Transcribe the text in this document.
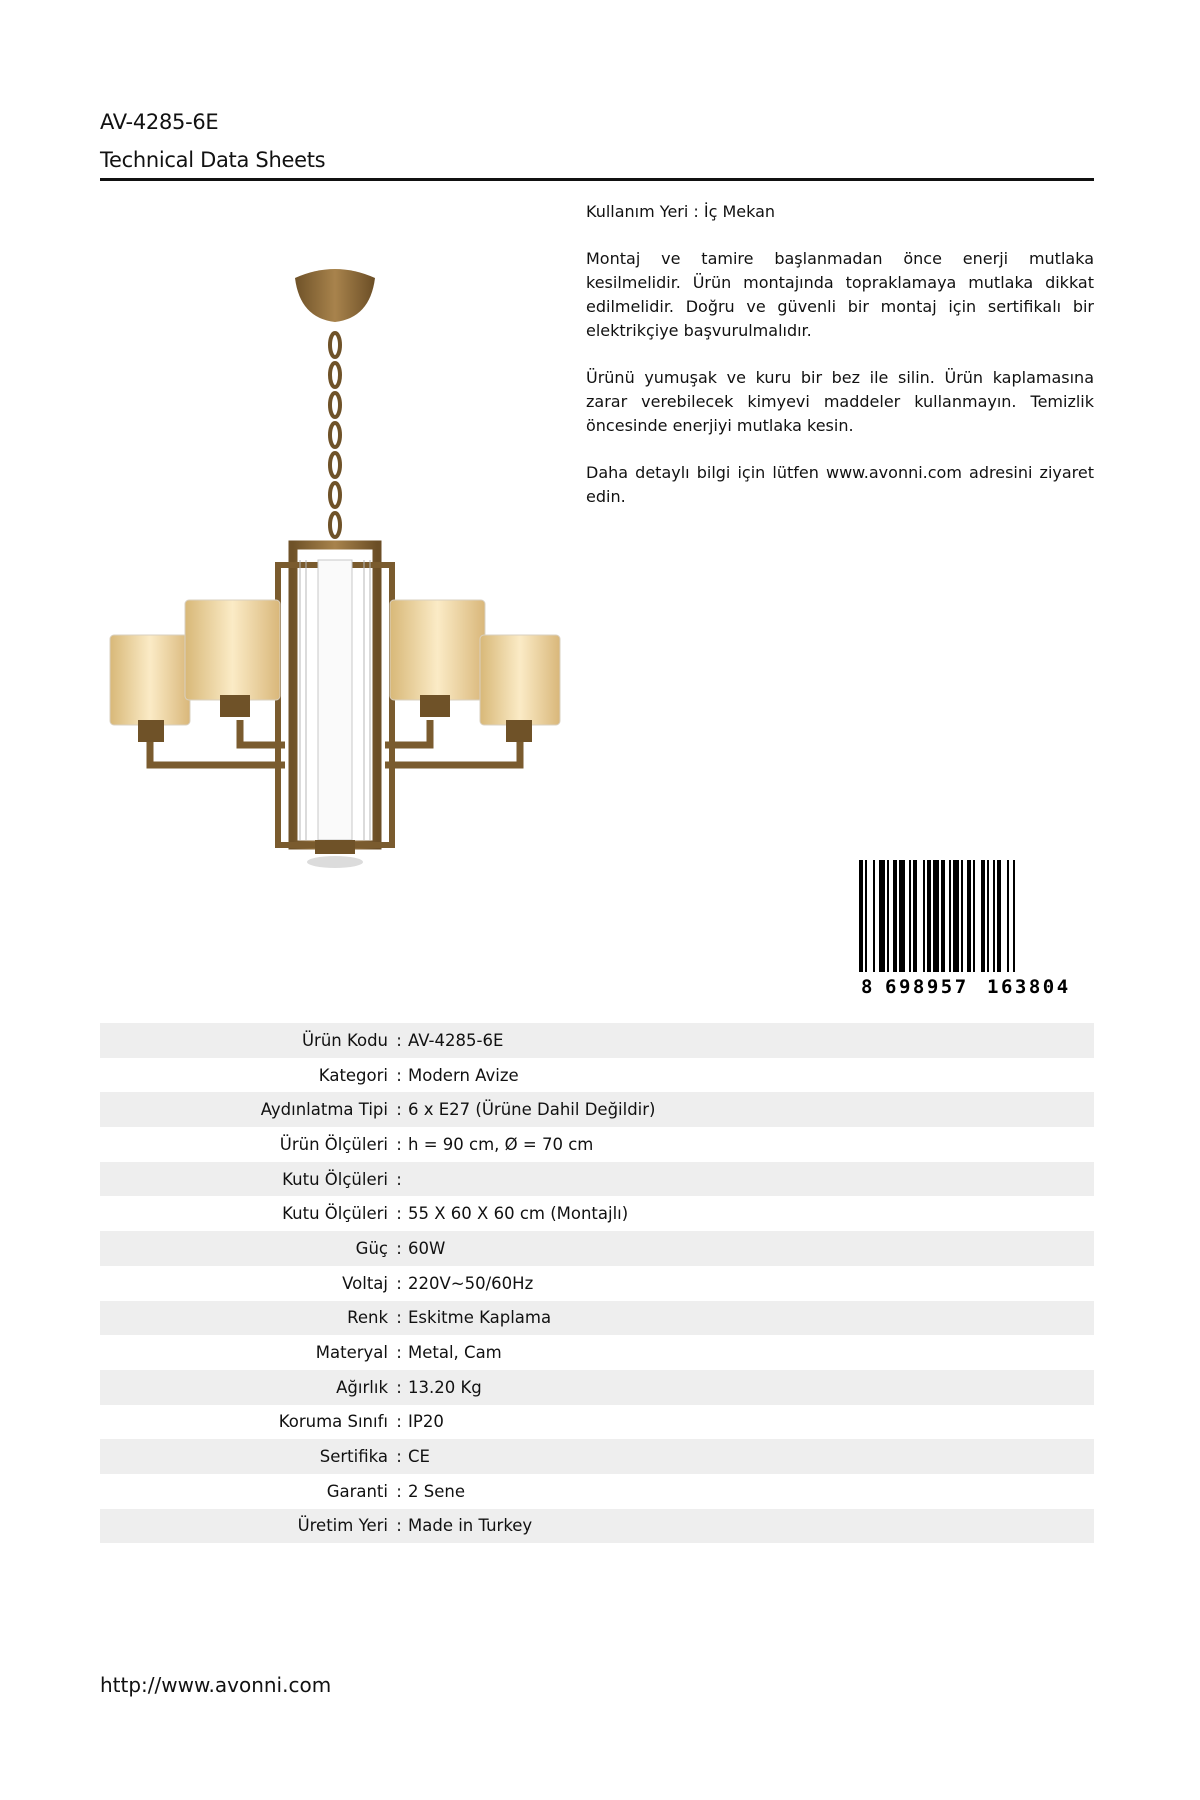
AV-4285-6E
Technical Data Sheets

Kullanım Yeri : İç Mekan

Montaj ve tamire başlanmadan önce enerji mutlaka kesilmelidir. Ürün montajında topraklamaya mutlaka dikkat edilmelidir. Doğru ve güvenli bir montaj için sertifikalı bir elektrikçiye başvurulmalıdır.

Ürünü yumuşak ve kuru bir bez ile silin. Ürün kaplamasına zarar verebilecek kimyevi maddeler kullanmayın. Temizlik öncesinde enerjiyi mutlaka kesin.

Daha detaylı bilgi için lütfen www.avonni.com adresini ziyaret edin.

8 698957 163804
Ürün Kodu : AV-4285-6E
Kategori : Modern Avize
Aydınlatma Tipi : 6 x E27 (Ürüne Dahil Değildir)
Ürün Ölçüleri : h = 90 cm, Ø = 70 cm
Kutu Ölçüleri :
Kutu Ölçüleri : 55 X 60 X 60 cm (Montajlı)
Güç : 60W
Voltaj : 220V~50/60Hz
Renk : Eskitme Kaplama
Materyal : Metal, Cam
Ağırlık : 13.20 Kg
Koruma Sınıfı : IP20
Sertifika : CE
Garanti : 2 Sene
Üretim Yeri : Made in Turkey
http://www.avonni.com
